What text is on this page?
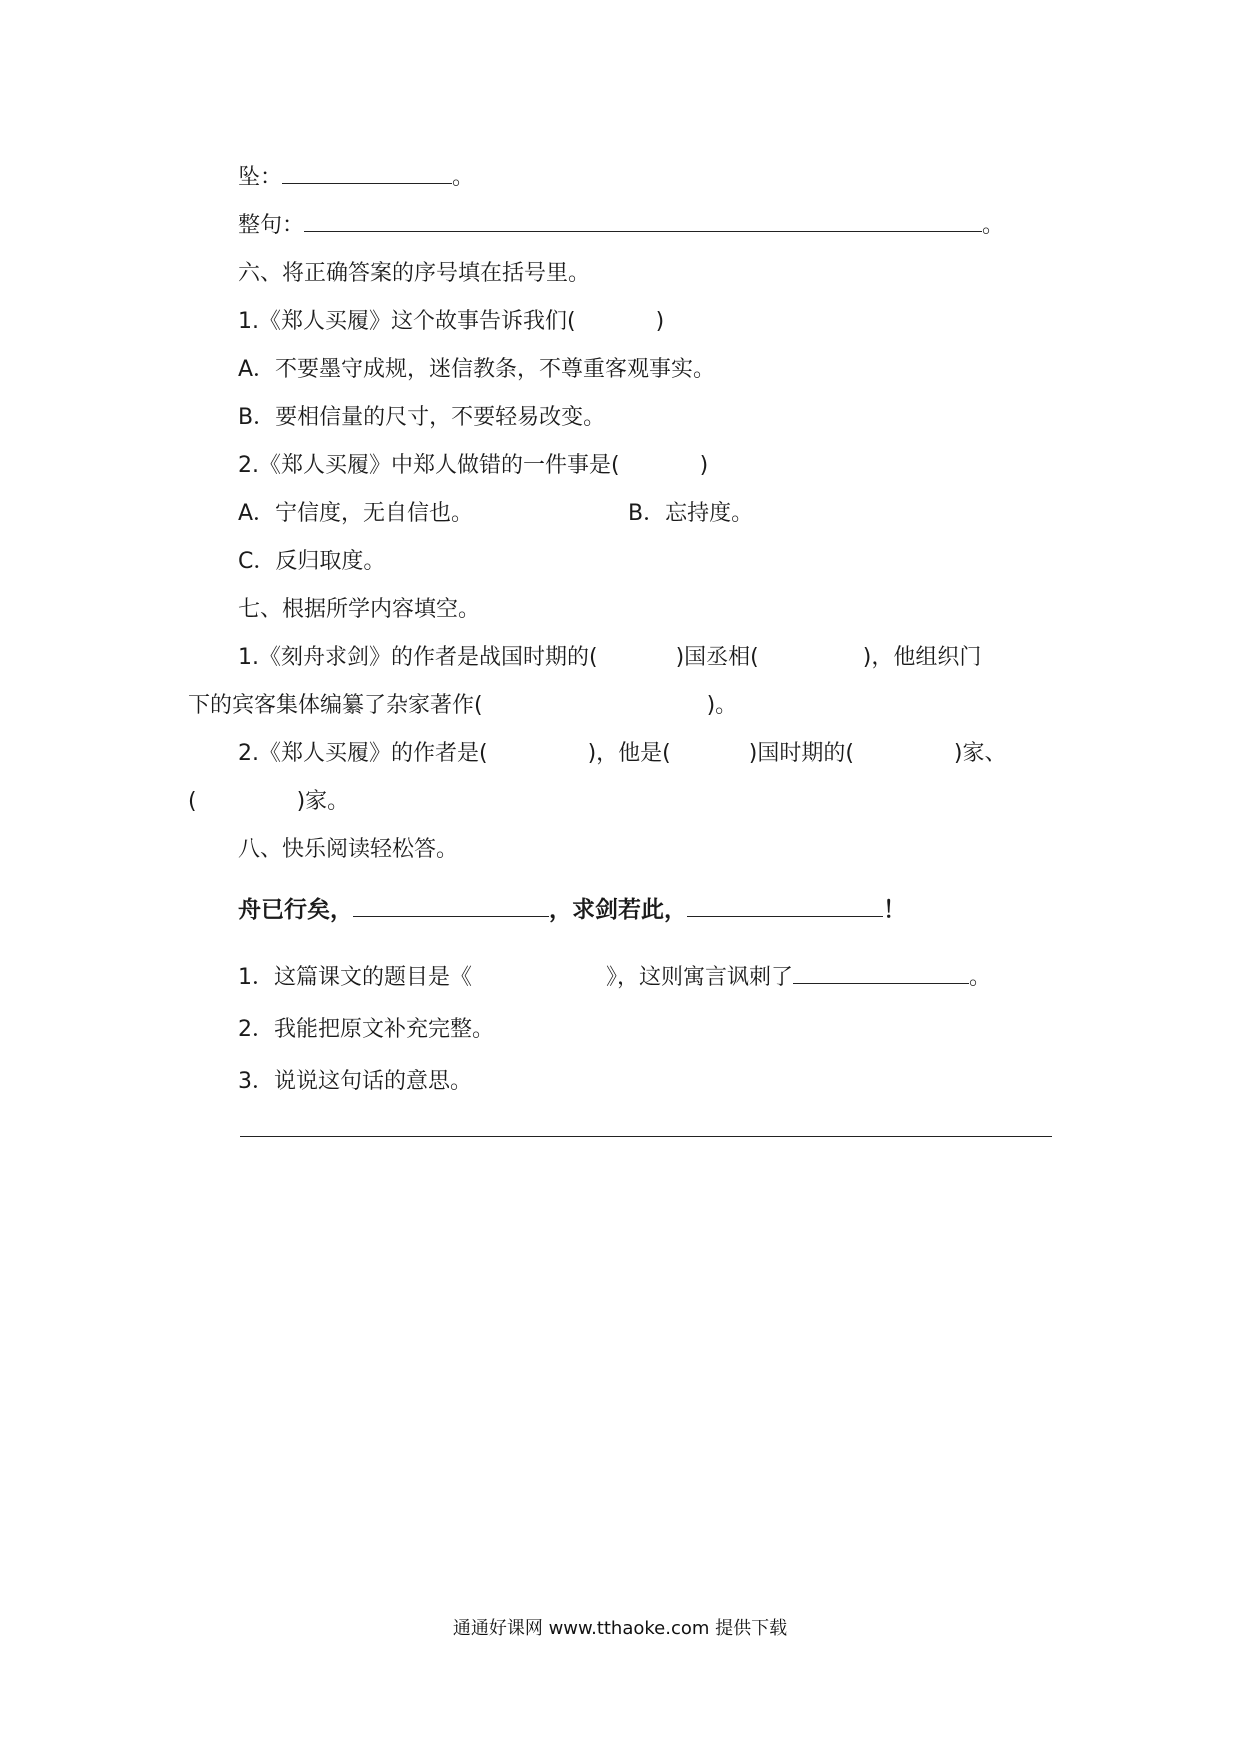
坠：	。
整句：	。
六、将正确答案的序号填在括号里。
1.《郑人买履》这个故事告诉我们(	)
A．不要墨守成规，迷信教条，不尊重客观事实。
B．要相信量的尺寸，不要轻易改变。
2.《郑人买履》中郑人做错的一件事是(	)
A．宁信度，无自信也。	B．忘持度。
C．反归取度。
七、根据所学内容填空。
1.《刻舟求剑》的作者是战国时期的(	)国丞相(	)，他组织门
下的宾客集体编纂了杂家著作(	)。
2.《郑人买履》的作者是(	)，他是(	)国时期的(	)家、
(	)家。
八、快乐阅读轻松答。
舟已行矣，	，求剑若此，	！
1．这篇课文的题目是《	》，这则寓言讽刺了	。
2．我能把原文补充完整。
3．说说这句话的意思。
通通好课网 www.tthaoke.com 提供下载
